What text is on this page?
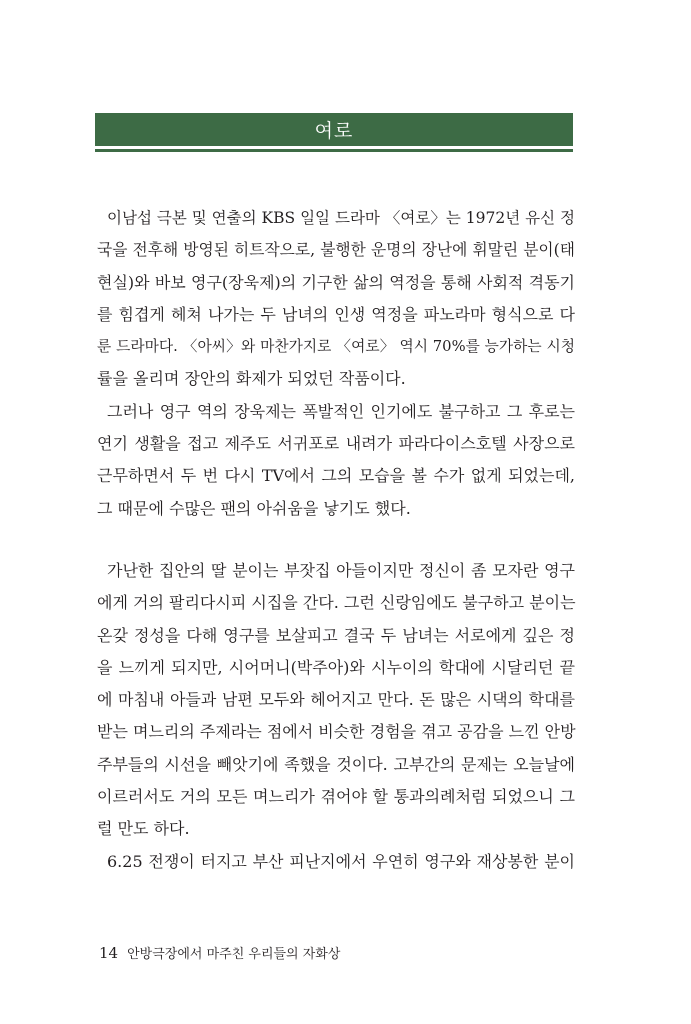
여로

이남섭 극본 및 연출의 KBS 일일 드라마 〈여로〉는 1972년 유신 정
국을 전후해 방영된 히트작으로, 불행한 운명의 장난에 휘말린 분이(태
현실)와 바보 영구(장욱제)의 기구한 삶의 역정을 통해 사회적 격동기
를 힘겹게 헤쳐 나가는 두 남녀의 인생 역정을 파노라마 형식으로 다
룬 드라마다. 〈아씨〉와 마찬가지로 〈여로〉 역시 70%를 능가하는 시청
률을 올리며 장안의 화제가 되었던 작품이다.

그러나 영구 역의 장욱제는 폭발적인 인기에도 불구하고 그 후로는
연기 생활을 접고 제주도 서귀포로 내려가 파라다이스호텔 사장으로
근무하면서 두 번 다시 TV에서 그의 모습을 볼 수가 없게 되었는데,
그 때문에 수많은 팬의 아쉬움을 낳기도 했다.

가난한 집안의 딸 분이는 부잣집 아들이지만 정신이 좀 모자란 영구
에게 거의 팔리다시피 시집을 간다. 그런 신랑임에도 불구하고 분이는
온갖 정성을 다해 영구를 보살피고 결국 두 남녀는 서로에게 깊은 정
을 느끼게 되지만, 시어머니(박주아)와 시누이의 학대에 시달리던 끝
에 마침내 아들과 남편 모두와 헤어지고 만다. 돈 많은 시댁의 학대를
받는 며느리의 주제라는 점에서 비슷한 경험을 겪고 공감을 느낀 안방
주부들의 시선을 빼앗기에 족했을 것이다. 고부간의 문제는 오늘날에
이르러서도 거의 모든 며느리가 겪어야 할 통과의례처럼 되었으니 그
럴 만도 하다.

6.25 전쟁이 터지고 부산 피난지에서 우연히 영구와 재상봉한 분이

14 안방극장에서 마주친 우리들의 자화상
